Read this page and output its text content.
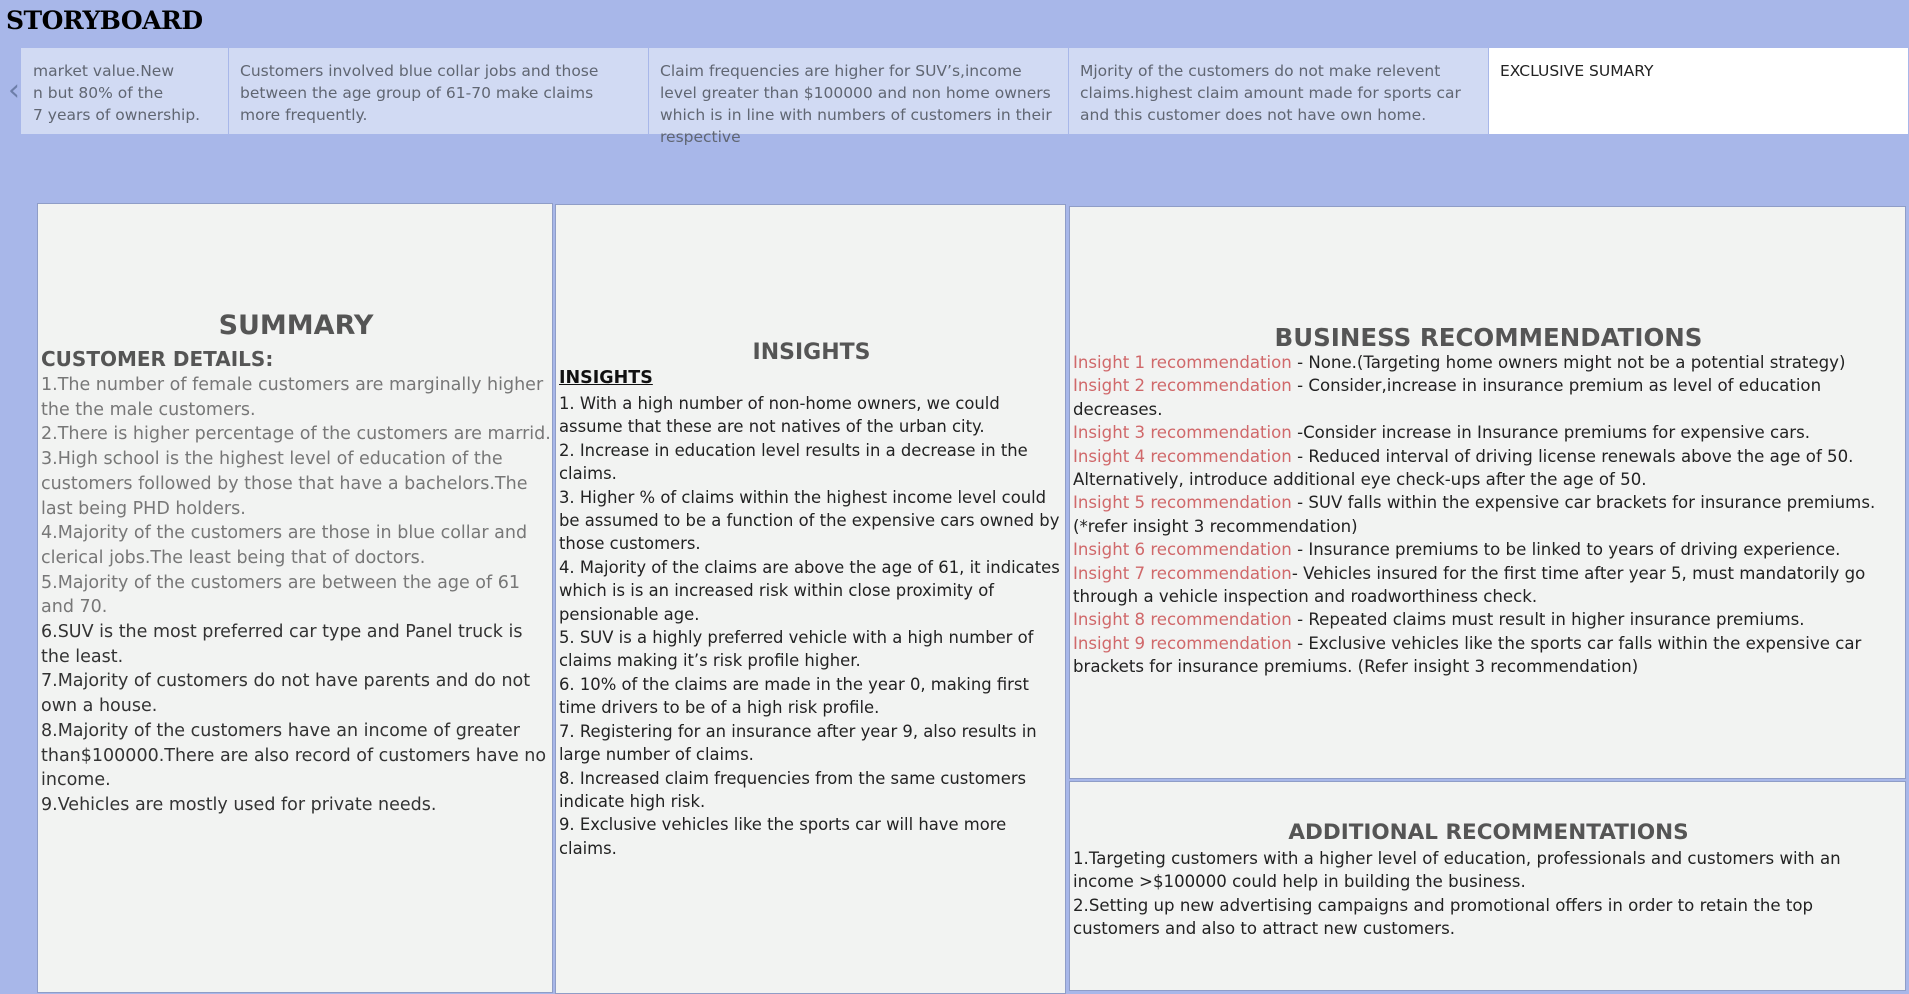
STORYBOARD
‹
market value.New
n but 80% of the
7 years of ownership.
Customers involved blue collar jobs and those between the age group of 61-70 make claims more frequently.
Claim frequencies are higher for SUV’s,income level greater than $100000 and non home owners which is in line with numbers of customers in their respective
Mjority of the customers do not make relevent claims.highest claim amount made for sports car and this customer does not have own home.
EXCLUSIVE SUMARY
SUMMARY
CUSTOMER DETAILS:
1.The number of female customers are marginally higher the the male customers.
2.There is higher percentage of the customers are marrid.
3.High school is the highest level of education of the customers followed by those that have a bachelors.The last being PHD holders.
4.Majority of the customers are those in blue collar and clerical jobs.The least being that of doctors.
5.Majority of the customers are between the age of 61 and 70.
6.SUV is the most preferred car type and Panel truck is the least.
7.Majority of customers do not have parents and do not own a house.
8.Majority of the customers have an income of greater than$100000.There are also record of customers have no income.
9.Vehicles are mostly used for private needs.
INSIGHTS
INSIGHTS
1. With a high number of non-home owners, we could assume that these are not natives of the urban city.
2. Increase in education level results in a decrease in the claims.
3. Higher % of claims within the highest income level could be assumed to be a function of the expensive cars owned by those customers.
4. Majority of the claims are above the age of 61, it indicates which is is an increased risk within close proximity of pensionable age.
5. SUV is a highly preferred vehicle with a high number of claims making it’s risk profile higher.
6. 10% of the claims are made in the year 0, making first time drivers to be of a high risk profile.
7. Registering for an insurance after year 9, also results in large number of claims.
8. Increased claim frequencies from the same customers indicate high risk.
9. Exclusive vehicles like the sports car will have more claims.
BUSINESS RECOMMENDATIONS
Insight 1 recommendation - None.(Targeting home owners might not be a potential strategy)
Insight 2 recommendation - Consider,increase in insurance premium as level of education decreases.
Insight 3 recommendation -Consider increase in Insurance premiums for expensive cars.
Insight 4 recommendation - Reduced interval of driving license renewals above the age of 50. Alternatively, introduce additional eye check-ups after the age of 50.
Insight 5 recommendation - SUV falls within the expensive car brackets for insurance premiums.(*refer insight 3 recommendation)
Insight 6 recommendation - Insurance premiums to be linked to years of driving experience.
Insight 7 recommendation- Vehicles insured for the first time after year 5, must mandatorily go through a vehicle inspection and roadworthiness check.
Insight 8 recommendation - Repeated claims must result in higher insurance premiums.
Insight 9 recommendation - Exclusive vehicles like the sports car falls within the expensive car brackets for insurance premiums. (Refer insight 3 recommendation)
ADDITIONAL RECOMMENTATIONS
1.Targeting customers with a higher level of education, professionals and customers with an income >$100000 could help in building the business.
2.Setting up new advertising campaigns and promotional offers in order to retain the top customers and also to attract new customers.
